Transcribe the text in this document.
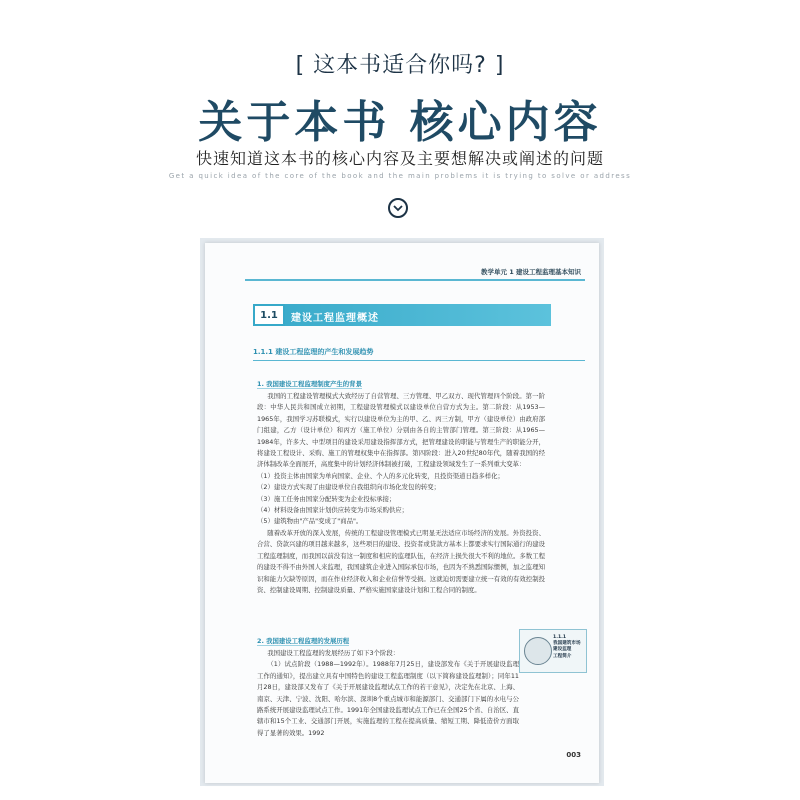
[ 这本书适合你吗? ]
关于本书 核心内容
快速知道这本书的核心内容及主要想解决或阐述的问题
Get a quick idea of the core of the book and the main problems it is trying to solve or address
教学单元 1 建设工程监理基本知识
1.1	建设工程监理概述
1.1.1 建设工程监理的产生和发展趋势
1. 我国建设工程监理制度产生的背景

我国的工程建设管理模式大致经历了自营管理、三方管理、甲乙双方、现代管理四个阶段。第一阶段：中华人民共和国成立初期，工程建设管理模式以建设单位自营方式为主。第二阶段：从1953—1965年，我国学习苏联模式，实行以建设单位为主的甲、乙、丙三方制，甲方（建设单位）由政府部门组建，乙方（设计单位）和丙方（施工单位）分别由各自的主管部门管理。第三阶段：从1965—1984年，许多大、中型项目的建设采用建设指挥部方式，把管理建设的职能与管理生产的职能分开，将建设工程设计、采购、施工的管理权集中在指挥部。第四阶段：进入20世纪80年代，随着我国的经济体制改革全面展开，高度集中的计划经济体制被打破，工程建设领域发生了一系列重大变革：

（1）投资主体由国家为单向国家、企业、个人的多元化转变，且投资渠道日趋多样化；

（2）建设方式实现了由建设单位自我组织向市场化发包的转变；

（3）施工任务由国家分配转变为企业投标承接；

（4）材料设备由国家计划供应转变为市场采购供应；

（5）建筑物由"产品"变成了"商品"。

随着改革开放的深入发展，传统的工程建设管理模式已明显无法适应市场经济的发展。外资投资、合营、贷款兴建的项目越来越多，这些项目的建设、投资者或贷款方基本上都要求实行国际通行的建设工程监理制度，而我国以前没有这一制度和相应的监理队伍，在经济上损失很大不利的地位。多数工程的建设不得不由外国人来监理，我国建筑企业进入国际承包市场，也因为不熟悉国际惯例，加之监理知识和能力欠缺等原因，而在作业经济收入和企业信誉等受损。这就迫切需要建立统一有效的有效控制投资、控制建设周期、控制建设质量、严格实施国家建设计划和工程合同的制度。

2. 我国建设工程监理的发展历程

我国建设工程监理的发展经历了如下3个阶段：

（1）试点阶段（1988—1992年）。1988年7月25日，建设部发布《关于开展建设监理工作的通知》，提出建立具有中国特色的建设工程监理制度（以下简称建设监理制）；同年11月28日，建设部又发布了《关于开展建设监理试点工作的若干意见》，决定先在北京、上海、南京、天津、宁波、沈阳、哈尔滨、深圳8个重点城市和能源部门、交通部门下属的水电与公路系统开展建设监理试点工作。1991年全国建设监理试点工作已在全国25个省、自治区、直辖市和15个工业、交通部门开展，实施监理的工程在提高质量、缩短工期、降低造价方面取得了显著的效果。1992

1.1.1
我国建筑市场
建设监理
工程简介
003
